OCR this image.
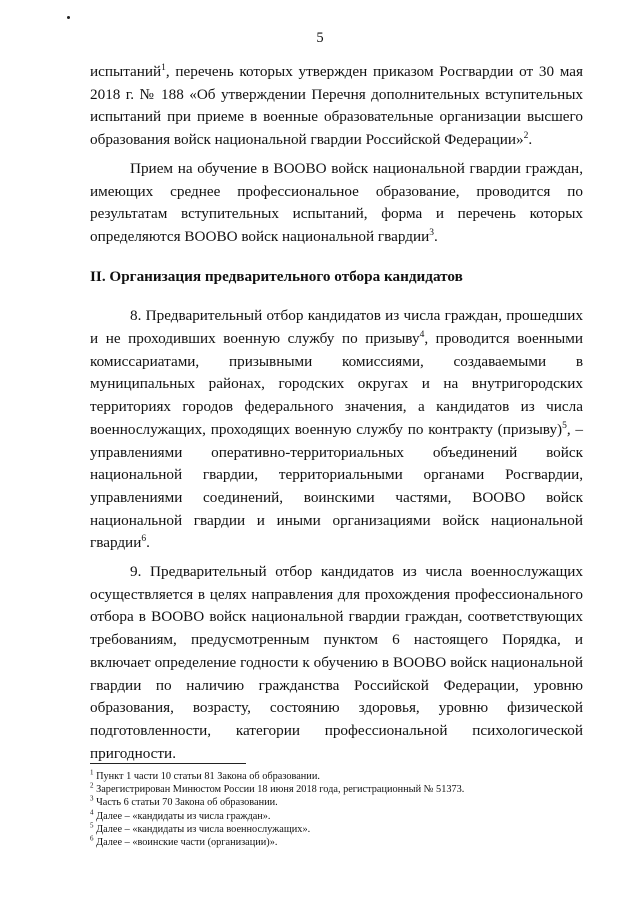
5

испытаний$^1$, перечень которых утвержден приказом Росгвардии от 30 мая 2018 г. № 188 «Об утверждении Перечня дополнительных вступительных испытаний при приеме в военные образовательные организации высшего образования войск национальной гвардии Российской Федерации»$^2$.

Прием на обучение в ВООВО войск национальной гвардии граждан, имеющих среднее профессиональное образование, проводится по результатам вступительных испытаний, форма и перечень которых определяются ВООВО войск национальной гвардии$^3$.

II. Организация предварительного отбора кандидатов

8. Предварительный отбор кандидатов из числа граждан, прошедших и не проходивших военную службу по призыву$^4$, проводится военными комиссариатами, призывными комиссиями, создаваемыми в муниципальных районах, городских округах и на внутригородских территориях городов федерального значения, а кандидатов из числа военнослужащих, проходящих военную службу по контракту (призыву)$^5$, – управлениями оперативно-территориальных объединений войск национальной гвардии, территориальными органами Росгвардии, управлениями соединений, воинскими частями, ВООВО войск национальной гвардии и иными организациями войск национальной гвардии$^6$.

9. Предварительный отбор кандидатов из числа военнослужащих осуществляется в целях направления для прохождения профессионального отбора в ВООВО войск национальной гвардии граждан, соответствующих требованиям, предусмотренным пунктом 6 настоящего Порядка, и включает определение годности к обучению в ВООВО войск национальной гвардии по наличию гражданства Российской Федерации, уровню образования, возрасту, состоянию здоровья, уровню физической подготовленности, категории профессиональной психологической пригодности.

$^1$ Пункт 1 части 10 статьи 81 Закона об образовании.
$^2$ Зарегистрирован Минюстом России 18 июня 2018 года, регистрационный № 51373.
$^3$ Часть 6 статьи 70 Закона об образовании.
$^4$ Далее – «кандидаты из числа граждан».
$^5$ Далее – «кандидаты из числа военнослужащих».
$^6$ Далее – «воинские части (организации)».
